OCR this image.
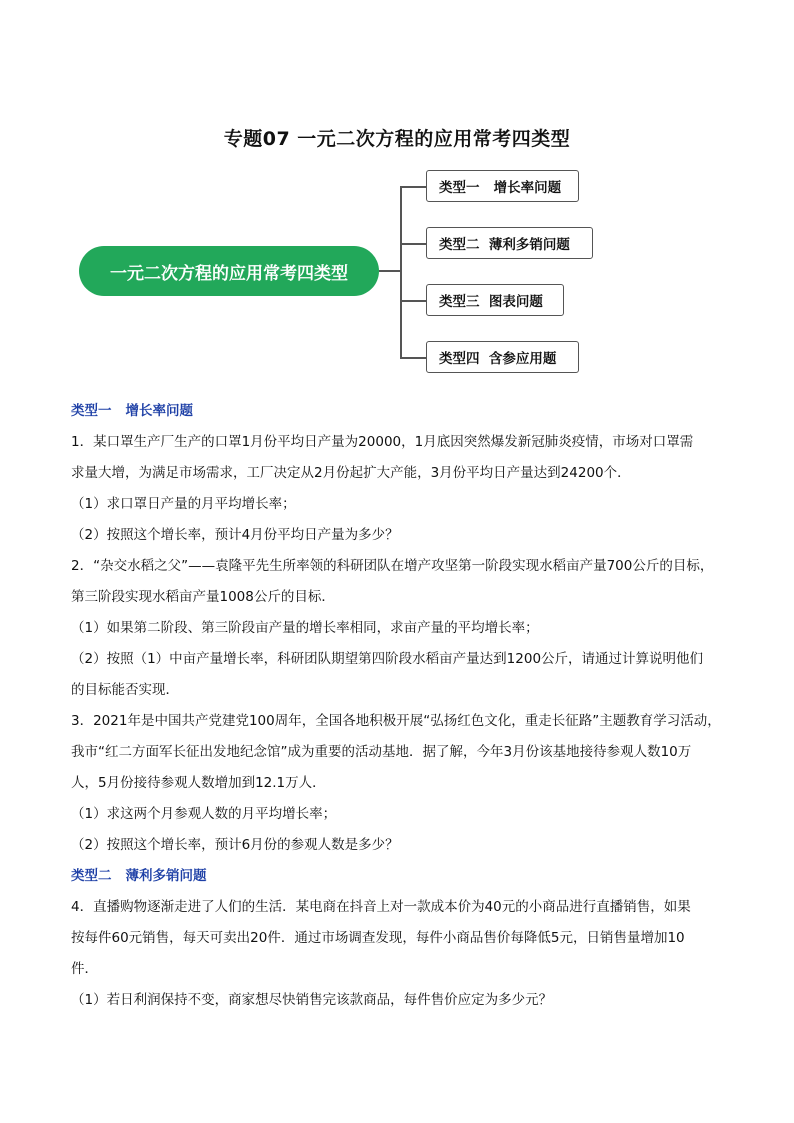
专题07 一元二次方程的应用常考四类型
一元二次方程的应用常考四类型
类型一   增长率问题
类型二  薄利多销问题
类型三  图表问题
类型四  含参应用题

类型一 增长率问题

1．某口罩生产厂生产的口罩1月份平均日产量为20000，1月底因突然爆发新冠肺炎疫情，市场对口罩需

求量大增，为满足市场需求，工厂决定从2月份起扩大产能，3月份平均日产量达到24200个．

（1）求口罩日产量的月平均增长率；

（2）按照这个增长率，预计4月份平均日产量为多少？

2．“杂交水稻之父”——袁隆平先生所率领的科研团队在增产攻坚第一阶段实现水稻亩产量700公斤的目标，

第三阶段实现水稻亩产量1008公斤的目标．

（1）如果第二阶段、第三阶段亩产量的增长率相同，求亩产量的平均增长率；

（2）按照（1）中亩产量增长率，科研团队期望第四阶段水稻亩产量达到1200公斤，请通过计算说明他们

的目标能否实现．

3．2021年是中国共产党建党100周年，全国各地积极开展“弘扬红色文化，重走长征路”主题教育学习活动，

我市“红二方面军长征出发地纪念馆”成为重要的活动基地．据了解，今年3月份该基地接待参观人数10万

人，5月份接待参观人数增加到12.1万人．

（1）求这两个月参观人数的月平均增长率；

（2）按照这个增长率，预计6月份的参观人数是多少？

类型二 薄利多销问题

4．直播购物逐渐走进了人们的生活．某电商在抖音上对一款成本价为40元的小商品进行直播销售，如果

按每件60元销售，每天可卖出20件．通过市场调查发现，每件小商品售价每降低5元，日销售量增加10

件．

（1）若日利润保持不变，商家想尽快销售完该款商品，每件售价应定为多少元？
